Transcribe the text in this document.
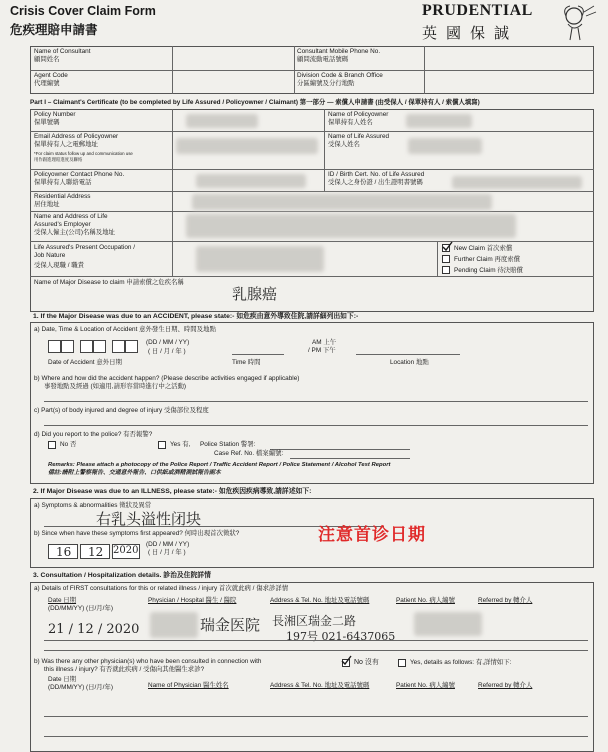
Crisis Cover Claim Form
危疾理賠申請書
PRUDENTIAL
英國保誠
Name of Consultant
顧問姓名
Agent Code
代理編號
Consultant Mobile Phone No.
顧問流動電話號碼
Division Code & Branch Office
分區編號及分行地點
Part I – Claimant's Certificate (to be completed by Life Assured / Policyowner / Claimant) 第一部分 — 索償人申請書 (由受保人 / 保單持有人 / 索償人填寫)
Policy Number
保單號碼
Name of Policyowner
保單持有人姓名
Email Address of Policyowner
保單持有人之電郵地址
*For claim status follow up and communication use
用作跟進理賠進度及聯絡
Name of Life Assured
受保人姓名
Policyowner Contact Phone No.
保單持有人聯絡電話
ID / Birth Cert. No. of Life Assured
受保人之身份證 / 出生證明書號碼
Residential Address
居住地址
Name and Address of Life
Assured's Employer
受保人僱主(公司)名稱及地址
Life Assured's Present Occupation /
Job Nature
受保人現職 / 職責
New Claim 首次索償
Further Claim 再度索償
Pending Claim 待決賠償
Name of Major Disease to claim 申請索償之危疾名稱
乳腺癌
1. If the Major Disease was due to an ACCIDENT, please state:- 如危疾由意外導致住院,請詳細列出如下:-
a) Date, Time & Location of Accident 意外發生日期、時間及地點
(DD / MM / YY)
( 日 / 月 / 年 )
AM 上午
/ PM 下午
Date of Accident 意外日期	Time 時間	Location 地點
b) Where and how did the accident happen? (Please describe activities engaged if applicable)
事發地點及經過 (如適用,請形容當時進行中之活動)
c) Part(s) of body injured and degree of injury 受傷部位及程度
d) Did you report to the police? 有否報警?
No 否	Yes 有, Police Station 警署:
Case Ref. No. 檔案編號:
Remarks: Please attach a photocopy of the Police Report / Traffic Accident Report / Police Statement / Alcohol Test Report
備註:請附上警察報告、交通意外報告、口供紙或酒精測試報告副本
2. If Major Disease was due to an ILLNESS, please state:- 如危疾因疾病導致,請詳述如下:
a) Symptoms & abnormalities 徵狀及異常
右乳头溢性闭块
b) Since when have these symptoms first appeared? 何時出現首次徵狀?
16 12 2020
(DD / MM / YY)
( 日 / 月 / 年 )
注意首诊日期
3. Consultation / Hospitalization details. 診治及住院詳情
a) Details of FIRST consultations for this or related illness / injury 首次就此病 / 傷求診詳情
Date 日期
(DD/MM/YY) (日/月/年)
Physician / Hospital 醫生 / 醫院	Address & Tel. No. 地址及電話號碼	Patient No. 病人編號	Referred by 轉介人
21 / 12 / 2020	瑞金医院 長湘区瑞金二路
197号 021-6437065
b) Was there any other physician(s) who have been consulted in connection with
this illness / injury? 有否就此疾病 / 受傷向其他醫生求診?
No 沒有	Yes, details as follows: 有,詳情如下:
Date 日期
(DD/MM/YY) (日/月/年)	Name of Physician 醫生姓名	Address & Tel. No. 地址及電話號碼	Patient No. 病人編號	Referred by 轉介人
